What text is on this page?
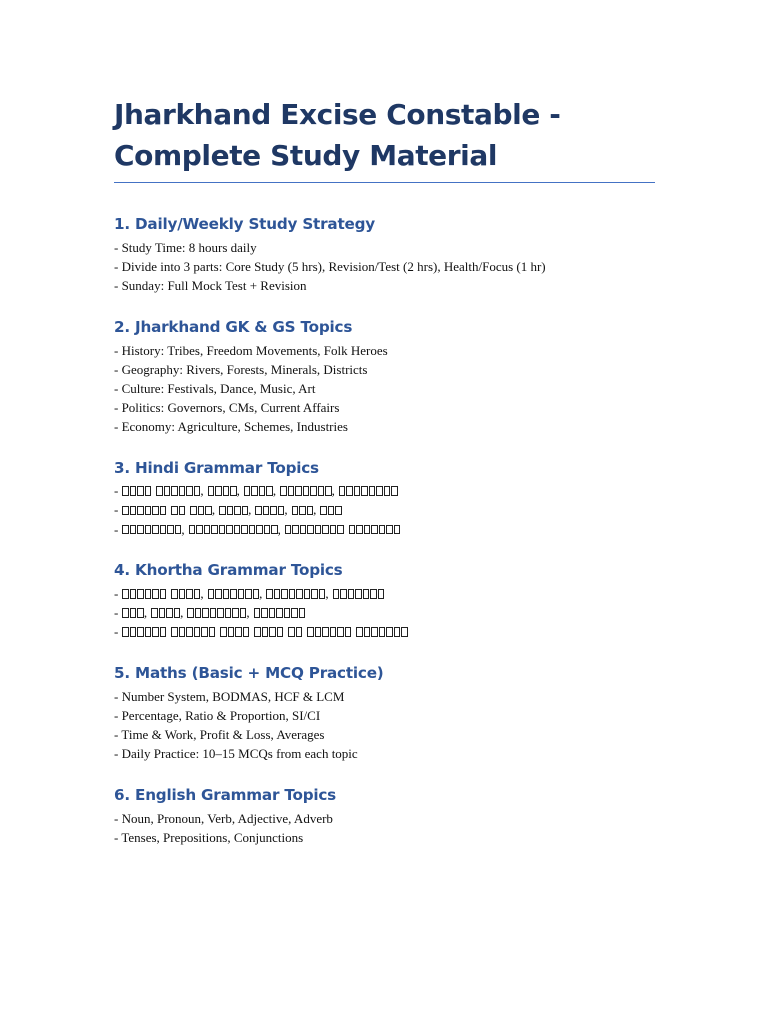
Jharkhand Excise Constable - Complete Study Material
1. Daily/Weekly Study Strategy
- Study Time: 8 hours daily
- Divide into 3 parts: Core Study (5 hrs), Revision/Test (2 hrs), Health/Focus (1 hr)
- Sunday: Full Mock Test + Revision
2. Jharkhand GK & GS Topics
- History: Tribes, Freedom Movements, Folk Heroes
- Geography: Rivers, Forests, Minerals, Districts
- Culture: Festivals, Dance, Music, Art
- Politics: Governors, CMs, Current Affairs
- Economy: Agriculture, Schemes, Industries
3. Hindi Grammar Topics
-	,	,	,	,
-	,	,	, ,
-	,	,
4. Khortha Grammar Topics
-	,	,	,
- ,	,	,
-
5. Maths (Basic + MCQ Practice)
- Number System, BODMAS, HCF & LCM
- Percentage, Ratio & Proportion, SI/CI
- Time & Work, Profit & Loss, Averages
- Daily Practice: 10–15 MCQs from each topic
6. English Grammar Topics
- Noun, Pronoun, Verb, Adjective, Adverb
- Tenses, Prepositions, Conjunctions
